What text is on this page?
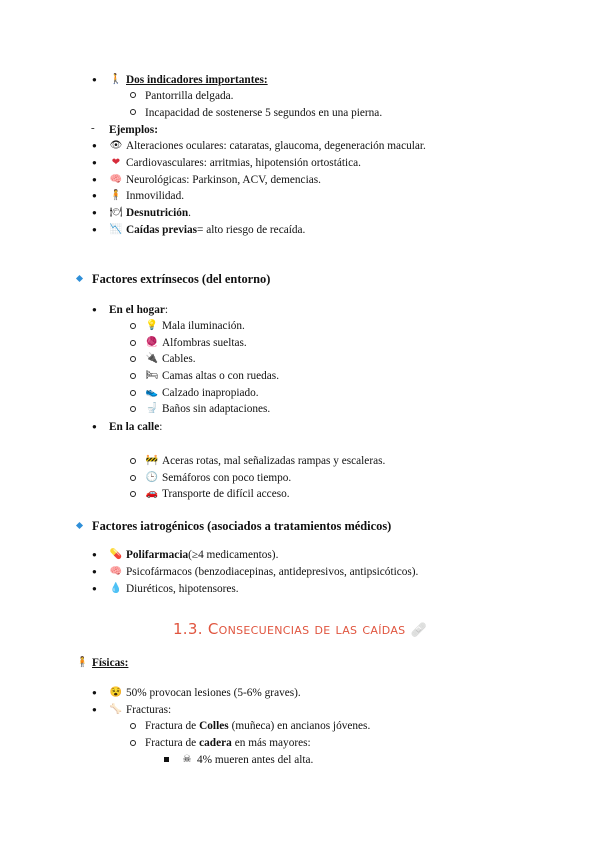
● 🚶 Dos indicadores importantes:
Pantorrilla delgada.
Incapacidad de sostenerse 5 segundos en una pierna.
- Ejemplos:
● 👁 Alteraciones oculares: cataratas, glaucoma, degeneración macular.
● ❤ Cardiovasculares: arritmias, hipotensión ortostática.
● 🧠 Neurológicas: Parkinson, ACV, demencias.
● 🧍 Inmovilidad.
● 🍽 Desnutrición .
● 📉 Caídas previas = alto riesgo de recaída.
Factores extrínsecos (del entorno)
● En el hogar :
💡 Mala iluminación.
🧶 Alfombras sueltas.
🔌 Cables.
🛏 Camas altas o con ruedas.
👟 Calzado inapropiado.
🚽 Baños sin adaptaciones.
● En la calle :
🚧 Aceras rotas, mal señalizadas rampas y escaleras.
🕒 Semáforos con poco tiempo.
🚗 Transporte de difícil acceso.
Factores iatrogénicos (asociados a tratamientos médicos)
● 💊 Polifarmacia (≥4 medicamentos).
● 🧠 Psicofármacos (benzodiacepinas, antidepresivos, antipsicóticos).
● 💧 Diuréticos, hipotensores.
1.3. Consecuencias de las caídas 🩹
🧍 Físicas:
● 😵 50% provocan lesiones (5-6% graves).
● 🦴 Fracturas:
Fractura de Colles (muñeca) en ancianos jóvenes.
Fractura de cadera en más mayores:
☠ 4% mueren antes del alta.
